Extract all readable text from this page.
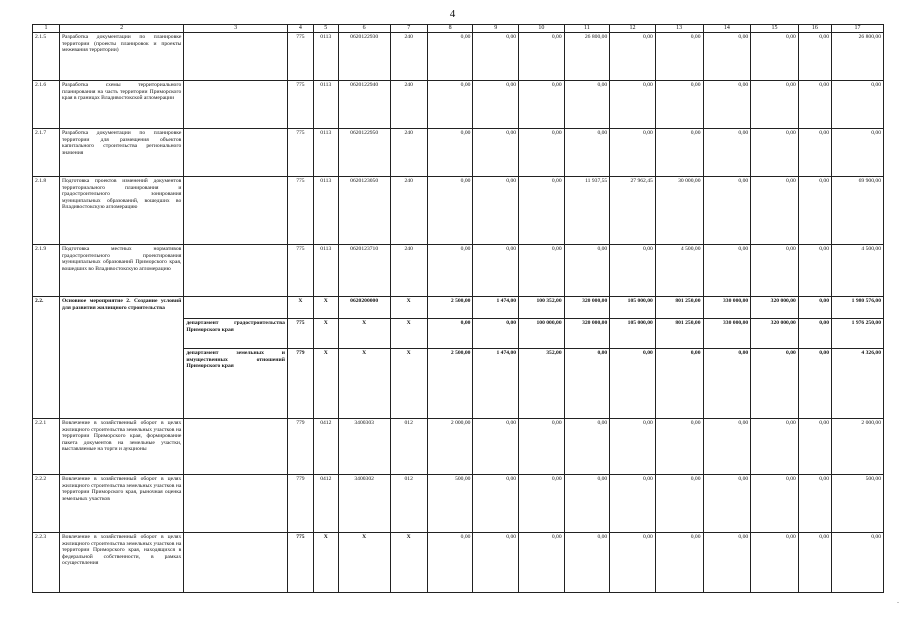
4
1	2	3	4	5	6	7	8	9	10	11	12	13	14	15	16	17
2.1.5	Разработка документации по планировке территории (проекты планировок и проекты межевания территории)		775	0113	0620122930	240	0,00	0,00	0,00	26 800,00	0,00	0,00	0,00	0,00	0,00	26 800,00
2.1.6	Разработка схемы территориального планирования на часть территории Приморского края в границах Владивостокской агломерации		775	0113	0620122940	240	0,00	0,00	0,00	0,00	0,00	0,00	0,00	0,00	0,00	0,00
2.1.7	Разработка документации по планировке территории для размещения объектов капитального строительства регионального значения		775	0113	0620122950	240	0,00	0,00	0,00	0,00	0,00	0,00	0,00	0,00	0,00	0,00
2.1.8	Подготовка проектов изменений документов территориального планирования и градостроительного зонирования муниципальных образований, вошедших во Владивостокскую агломерацию		775	0113	0620123050	240	0,00	0,00	0,00	11 937,55	27 962,45	30 000,00	0,00	0,00	0,00	69 900,00
2.1.9	Подготовка местных нормативов градостроительного проектирования муниципальных образований Приморского края, вошедших во Владивостокскую агломерацию		775	0113	0620123710	240	0,00	0,00	0,00	0,00	0,00	4 500,00	0,00	0,00	0,00	4 500,00
2.2.	Основное мероприятие 2. Создание условий для развития жилищного строительства		X	X	0620200000	X	2 500,00	1 474,00	100 352,00	320 000,00	105 000,00	801 250,00	330 000,00	320 000,00	0,00	1 980 576,00
		департамент градостроительства Приморского края	775	X	X	X	0,00	0,00	100 000,00	320 000,00	105 000,00	801 250,00	330 000,00	320 000,00	0,00	1 976 250,00
		департамент земельных и имущественных отношений Приморского края	779	X	X	X	2 500,00	1 474,00	352,00	0,00	0,00	0,00	0,00	0,00	0,00	4 326,00
2.2.1	Вовлечение в хозяйственный оборот в целях жилищного строительства земельных участков на территории Приморского края, формирование пакета документов на земельные участки, выставляемые на торги и аукционы		779	0412	3400303	012	2 000,00	0,00	0,00	0,00	0,00	0,00	0,00	0,00	0,00	2 000,00
2.2.2	Вовлечение в хозяйственный оборот в целях жилищного строительства земельных участков на территории Приморского края, рыночная оценка земельных участков		779	0412	3400302	012	500,00	0,00	0,00	0,00	0,00	0,00	0,00	0,00	0,00	500,00
2.2.3	Вовлечение в хозяйственный оборот в целях жилищного строительства земельных участков на территории Приморского края, находящихся в федеральной собственности, в рамках осуществления		775	X	X	X	0,00	0,00	0,00	0,00	0,00	0,00	0,00	0,00	0,00	0,00
.
